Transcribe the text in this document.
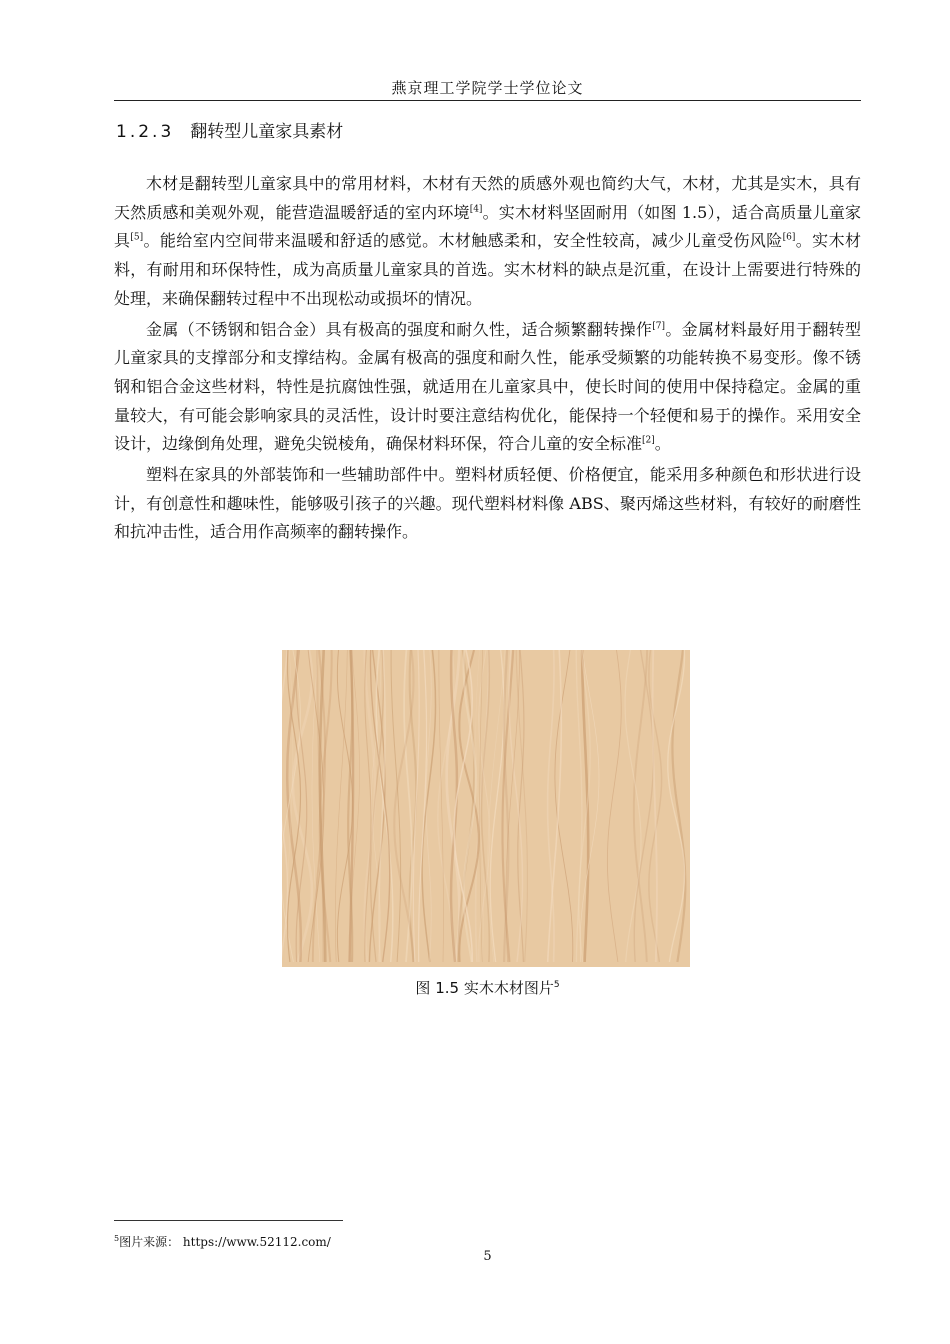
燕京理工学院学士学位论文
1.2.3 翻转型儿童家具素材

木材是翻转型儿童家具中的常用材料，木材有天然的质感外观也简约大气，木材，尤其是实木，具有天然质感和美观外观，能营造温暖舒适的室内环境[4]。实木材料坚固耐用（如图 1.5），适合高质量儿童家具[5]。能给室内空间带来温暖和舒适的感觉。木材触感柔和，安全性较高，减少儿童受伤风险[6]。实木材料，有耐用和环保特性，成为高质量儿童家具的首选。实木材料的缺点是沉重，在设计上需要进行特殊的处理，来确保翻转过程中不出现松动或损坏的情况。

金属（不锈钢和铝合金）具有极高的强度和耐久性，适合频繁翻转操作[7]。金属材料最好用于翻转型儿童家具的支撑部分和支撑结构。金属有极高的强度和耐久性，能承受频繁的功能转换不易变形。像不锈钢和铝合金这些材料，特性是抗腐蚀性强，就适用在儿童家具中，使长时间的使用中保持稳定。金属的重量较大，有可能会影响家具的灵活性，设计时要注意结构优化，能保持一个轻便和易于的操作。采用安全设计，边缘倒角处理，避免尖锐棱角，确保材料环保，符合儿童的安全标准[2]。

塑料在家具的外部装饰和一些辅助部件中。塑料材质轻便、价格便宜，能采用多种颜色和形状进行设计，有创意性和趣味性，能够吸引孩子的兴趣。现代塑料材料像 ABS、聚丙烯这些材料，有较好的耐磨性和抗冲击性，适合用作高频率的翻转操作。

图 1.5 实木木材图片$^5$
$^5$图片来源： https://www.52112.com/
5
